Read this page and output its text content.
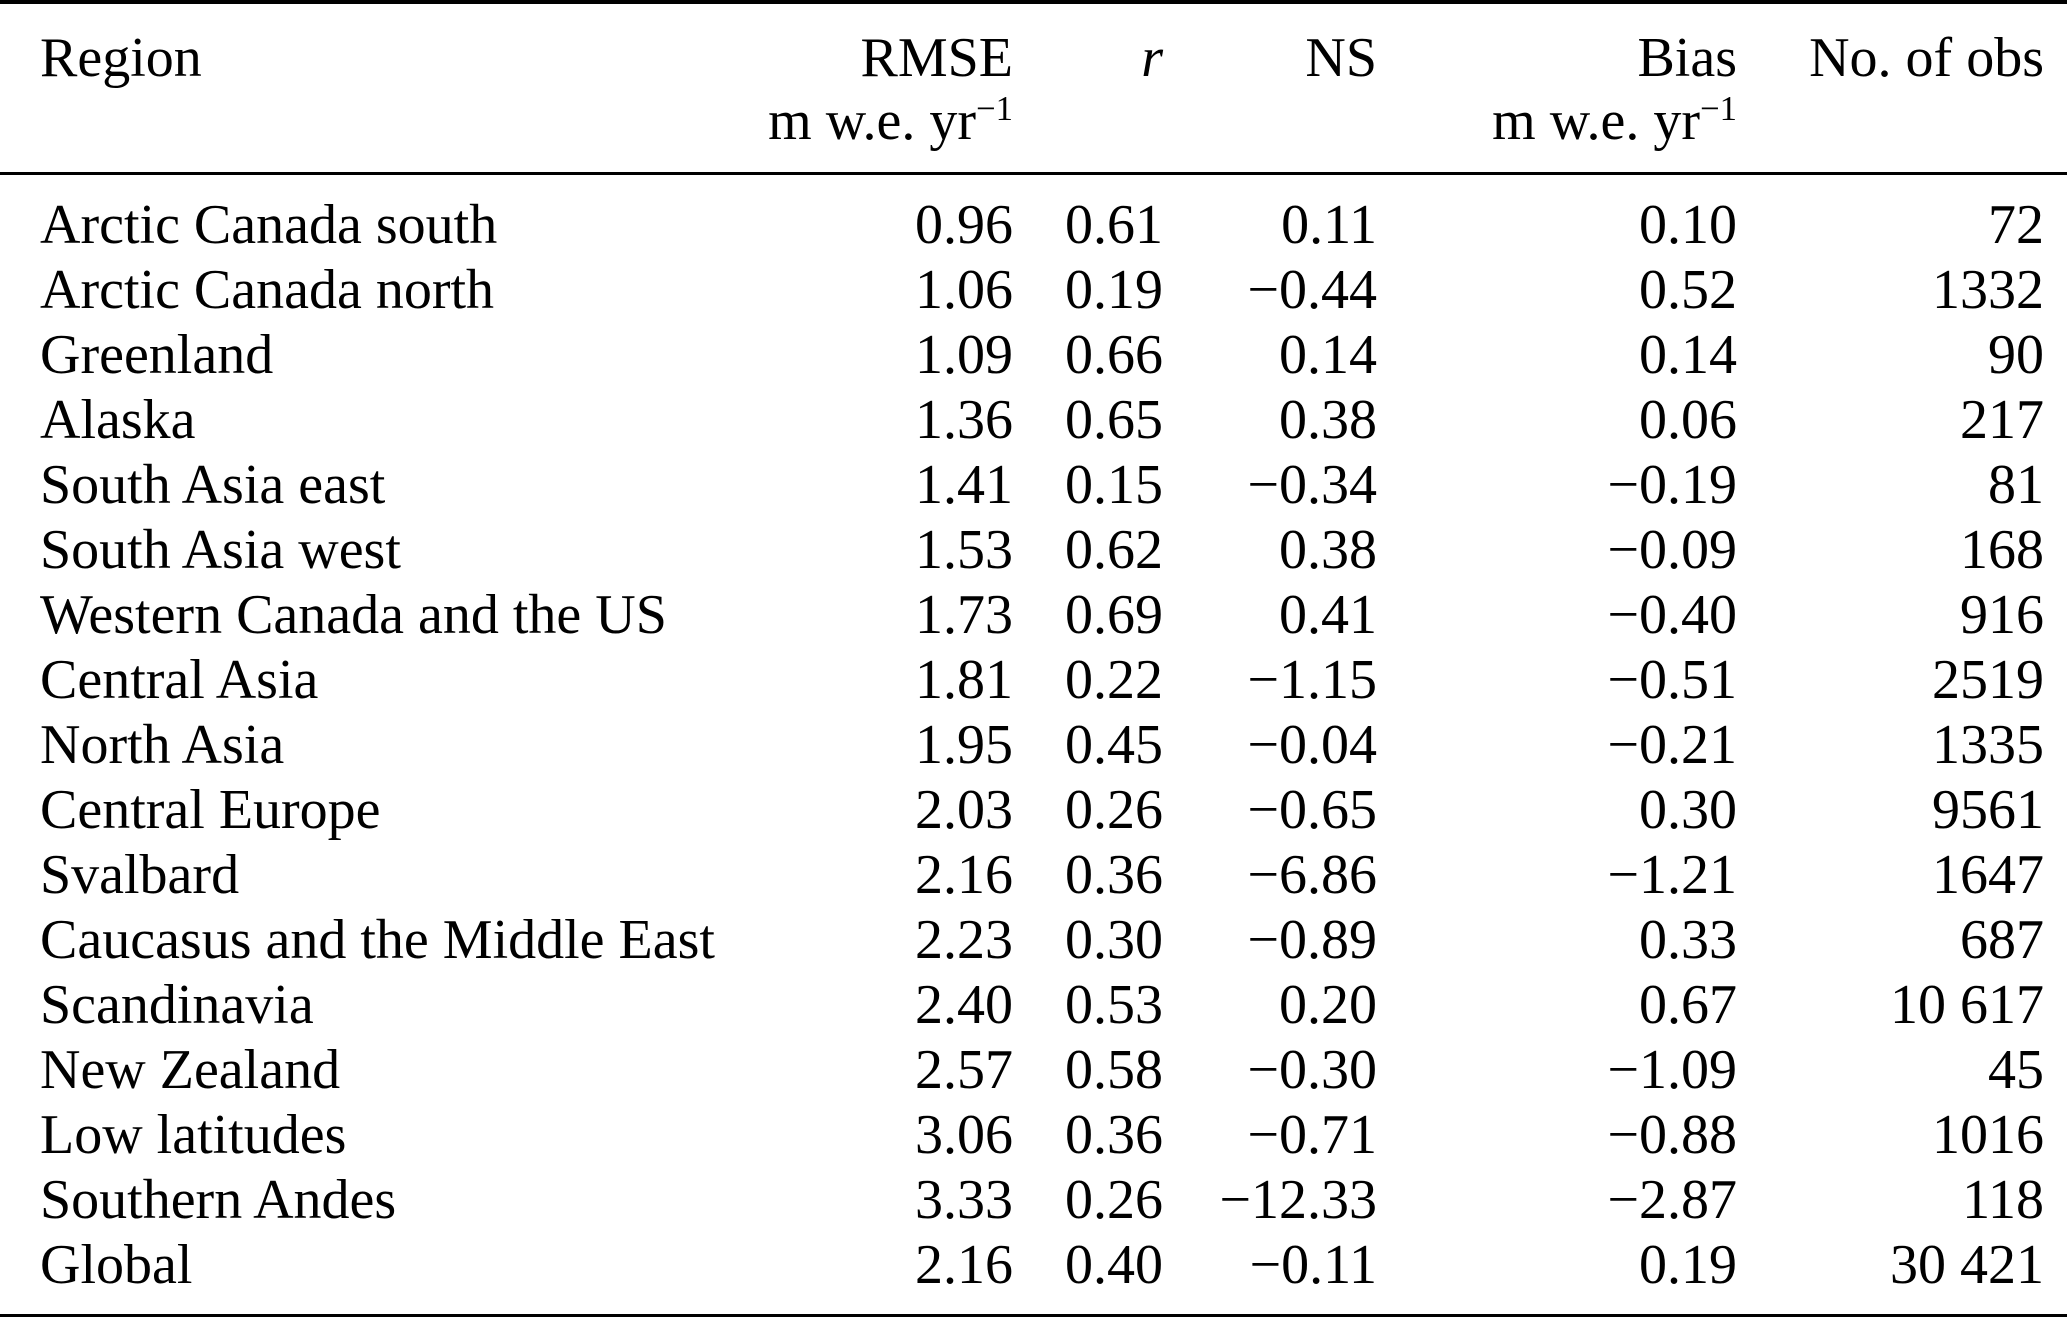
Region	RMSE	r	NS	Bias	No. of obs
	m w.e. $yr^{-1}$			m w.e. $yr^{-1}$	
Arctic Canada south	0.96	0.61	0.11	0.10	72
Arctic Canada north	1.06	0.19	−0.44	0.52	1332
Greenland	1.09	0.66	0.14	0.14	90
Alaska	1.36	0.65	0.38	0.06	217
South Asia east	1.41	0.15	−0.34	−0.19	81
South Asia west	1.53	0.62	0.38	−0.09	168
Western Canada and the US	1.73	0.69	0.41	−0.40	916
Central Asia	1.81	0.22	−1.15	−0.51	2519
North Asia	1.95	0.45	−0.04	−0.21	1335
Central Europe	2.03	0.26	−0.65	0.30	9561
Svalbard	2.16	0.36	−6.86	−1.21	1647
Caucasus and the Middle East	2.23	0.30	−0.89	0.33	687
Scandinavia	2.40	0.53	0.20	0.67	10 617
New Zealand	2.57	0.58	−0.30	−1.09	45
Low latitudes	3.06	0.36	−0.71	−0.88	1016
Southern Andes	3.33	0.26	−12.33	−2.87	118
Global	2.16	0.40	−0.11	0.19	30 421
